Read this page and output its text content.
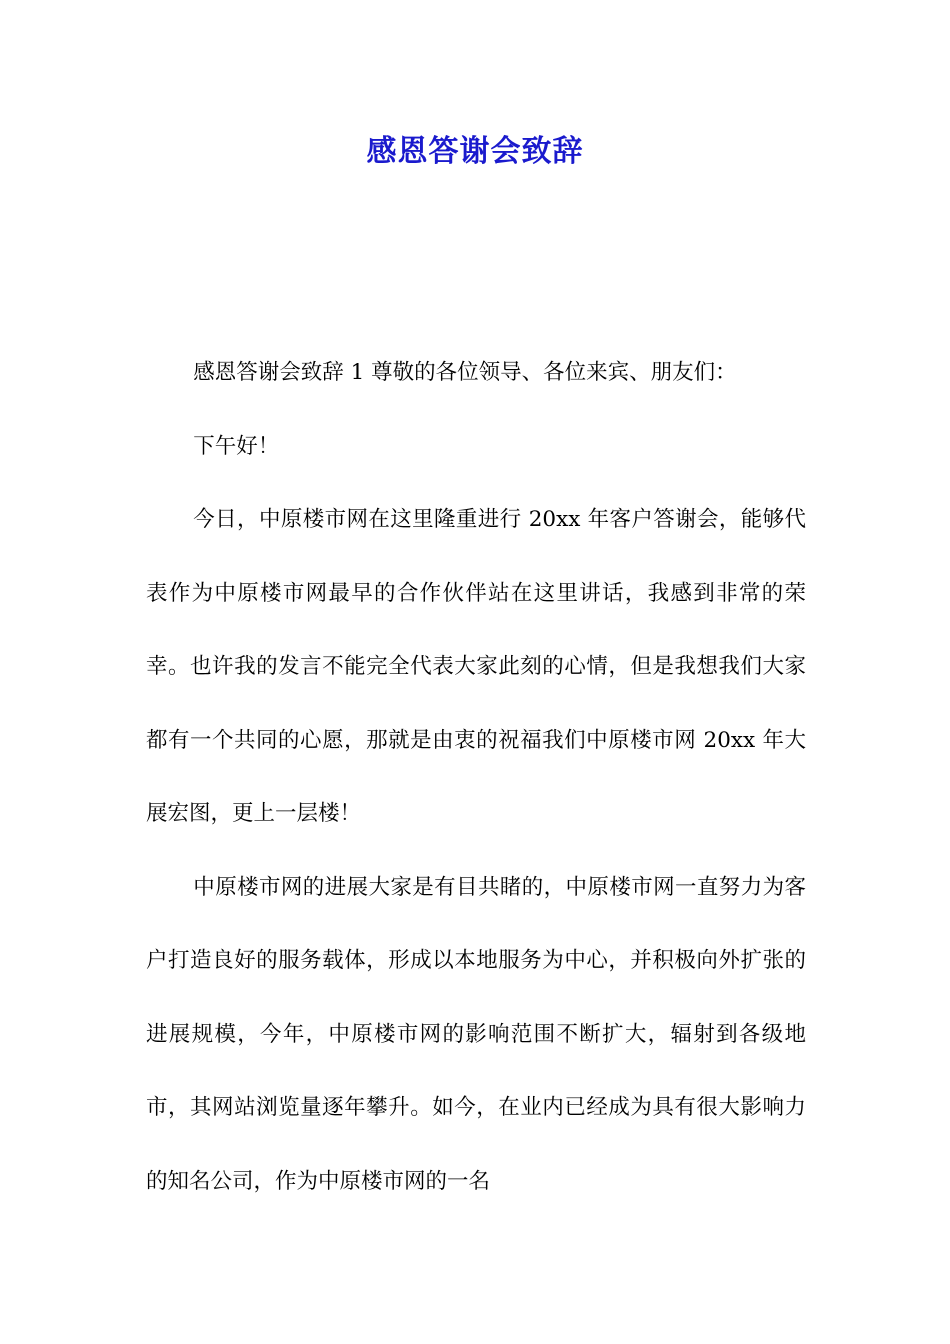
感恩答谢会致辞

感恩答谢会致辞 1 尊敬的各位领导、各位来宾、朋友们：

下午好！

今日，中原楼市网在这里隆重进行 20xx 年客户答谢会，能够代表作为中原楼市网最早的合作伙伴站在这里讲话，我感到非常的荣幸。也许我的发言不能完全代表大家此刻的心情，但是我想我们大家都有一个共同的心愿，那就是由衷的祝福我们中原楼市网 20xx 年大展宏图，更上一层楼！

中原楼市网的进展大家是有目共睹的，中原楼市网一直努力为客户打造良好的服务载体，形成以本地服务为中心，并积极向外扩张的进展规模，今年，中原楼市网的影响范围不断扩大，辐射到各级地市，其网站浏览量逐年攀升。如今，在业内已经成为具有很大影响力的知名公司，作为中原楼市网的一名
